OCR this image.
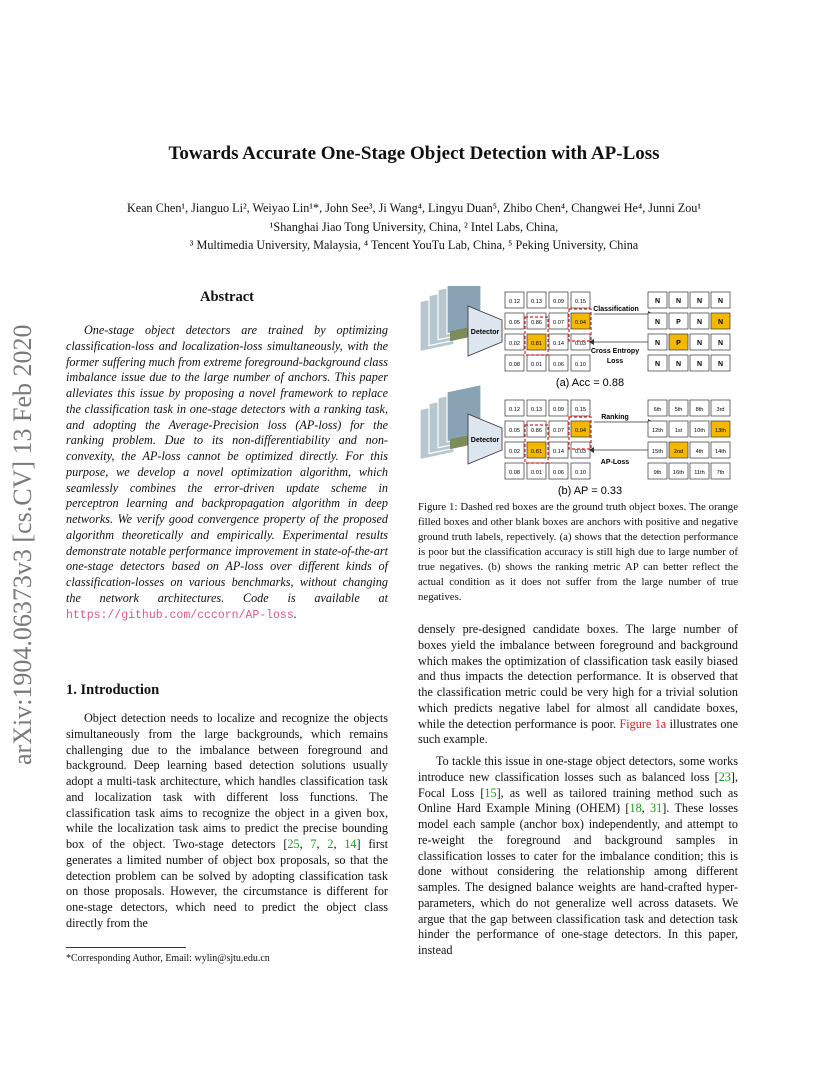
arXiv:1904.06373v3 [cs.CV] 13 Feb 2020
Towards Accurate One-Stage Object Detection with AP-Loss
Kean Chen¹, Jianguo Li², Weiyao Lin¹*, John See³, Ji Wang⁴, Lingyu Duan⁵, Zhibo Chen⁴, Changwei He⁴, Junni Zou¹
¹Shanghai Jiao Tong University, China, ² Intel Labs, China,
³ Multimedia University, Malaysia, ⁴ Tencent YouTu Lab, China, ⁵ Peking University, China
Abstract
One-stage object detectors are trained by optimizing classification-loss and localization-loss simultaneously, with the former suffering much from extreme foreground-background class imbalance issue due to the large number of anchors. This paper alleviates this issue by proposing a novel framework to replace the classification task in one-stage detectors with a ranking task, and adopting the Average-Precision loss (AP-loss) for the ranking problem. Due to its non-differentiability and non-convexity, the AP-loss cannot be optimized directly. For this purpose, we develop a novel optimization algorithm, which seamlessly combines the error-driven update scheme in perceptron learning and backpropagation algorithm in deep networks. We verify good convergence property of the proposed algorithm theoretically and empirically. Experimental results demonstrate notable performance improvement in state-of-the-art one-stage detectors based on AP-loss over different kinds of classification-losses on various benchmarks, without changing the network architectures. Code is available at https://github.com/cccorn/AP-loss.
1. Introduction
Object detection needs to localize and recognize the objects simultaneously from the large backgrounds, which remains challenging due to the imbalance between foreground and background. Deep learning based detection solutions usually adopt a multi-task architecture, which handles classification task and localization task with different loss functions. The classification task aims to recognize the object in a given box, while the localization task aims to predict the precise bounding box of the object. Two-stage detectors [25, 7, 2, 14] first generates a limited number of object box proposals, so that the detection problem can be solved by adopting classification task on those proposals. However, the circumstance is different for one-stage detectors, which need to predict the object class directly from the
*Corresponding Author, Email: wylin@sjtu.edu.cn
Detector
0.12 0.13 0.09 0.15
0.05 0.86 0.07 0.04
0.02 0.81 0.14 0.03
0.08 0.01 0.06 0.10
Classification
Cross Entropy
Loss
N N N N
N P N N
N P N N
N N N N
(a) Acc = 0.88
Detector
0.12 0.13 0.09 0.15
0.05 0.86 0.07 0.04
0.02 0.81 0.14 0.03
0.08 0.01 0.06 0.10
Ranking
AP-Loss
6th 5th 8th 3rd
12th 1st 10th 13th
15th 2nd 4th 14th
9th 16th 11th 7th
(b) AP = 0.33
Figure 1: Dashed red boxes are the ground truth object boxes. The orange filled boxes and other blank boxes are anchors with positive and negative ground truth labels, repectively. (a) shows that the detection performance is poor but the classification accuracy is still high due to large number of true negatives. (b) shows the ranking metric AP can better reflect the actual condition as it does not suffer from the large number of true negatives.
densely pre-designed candidate boxes. The large number of boxes yield the imbalance between foreground and background which makes the optimization of classification task easily biased and thus impacts the detection performance. It is observed that the classification metric could be very high for a trivial solution which predicts negative label for almost all candidate boxes, while the detection performance is poor. Figure 1a illustrates one such example.
To tackle this issue in one-stage object detectors, some works introduce new classification losses such as balanced loss [23], Focal Loss [15], as well as tailored training method such as Online Hard Example Mining (OHEM) [18, 31]. These losses model each sample (anchor box) independently, and attempt to re-weight the foreground and background samples in classification losses to cater for the imbalance condition; this is done without considering the relationship among different samples. The designed balance weights are hand-crafted hyper-parameters, which do not generalize well across datasets. We argue that the gap between classification task and detection task hinder the performance of one-stage detectors. In this paper, instead
